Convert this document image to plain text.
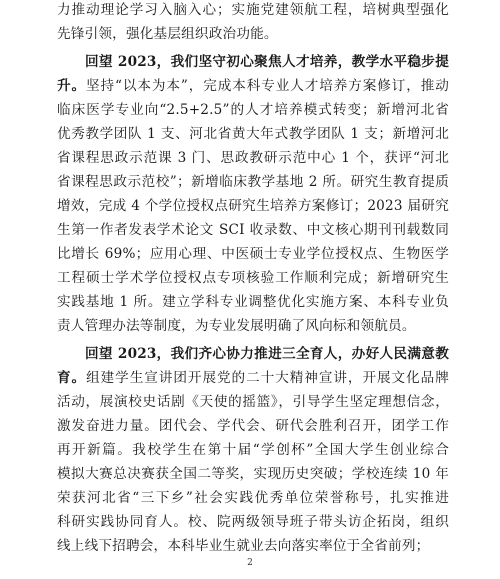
力推动理论学习入脑入心；实施党建领航工程，培树典型强化
先锋引领，强化基层组织政治功能。
回望 2023，我们坚守初心聚焦人才培养，教学水平稳步提
升。坚持“以本为本”，完成本科专业人才培养方案修订，推动
临床医学专业向“2.5+2.5”的人才培养模式转变；新增河北省
优秀教学团队 1 支、河北省黄大年式教学团队 1 支；新增河北
省课程思政示范课 3 门、思政教研示范中心 1 个，获评“河北
省课程思政示范校”；新增临床教学基地 2 所。研究生教育提质
增效，完成 4 个学位授权点研究生培养方案修订；2023 届研究
生第一作者发表学术论文 SCI 收录数、中文核心期刊刊载数同
比增长 69%；应用心理、中医硕士专业学位授权点、生物医学
工程硕士学术学位授权点专项核验工作顺利完成；新增研究生
实践基地 1 所。建立学科专业调整优化实施方案、本科专业负
责人管理办法等制度，为专业发展明确了风向标和领航员。
回望 2023，我们齐心协力推进三全育人，办好人民满意教
育。组建学生宣讲团开展党的二十大精神宣讲，开展文化品牌
活动，展演校史话剧《天使的摇篮》，引导学生坚定理想信念，
激发奋进力量。团代会、学代会、研代会胜利召开，团学工作
再开新篇。我校学生在第十届“学创杯”全国大学生创业综合
模拟大赛总决赛获全国二等奖，实现历史突破；学校连续 10 年
荣获河北省“三下乡”社会实践优秀单位荣誉称号，扎实推进
科研实践协同育人。校、院两级领导班子带头访企拓岗，组织
线上线下招聘会，本科毕业生就业去向落实率位于全省前列；
2
